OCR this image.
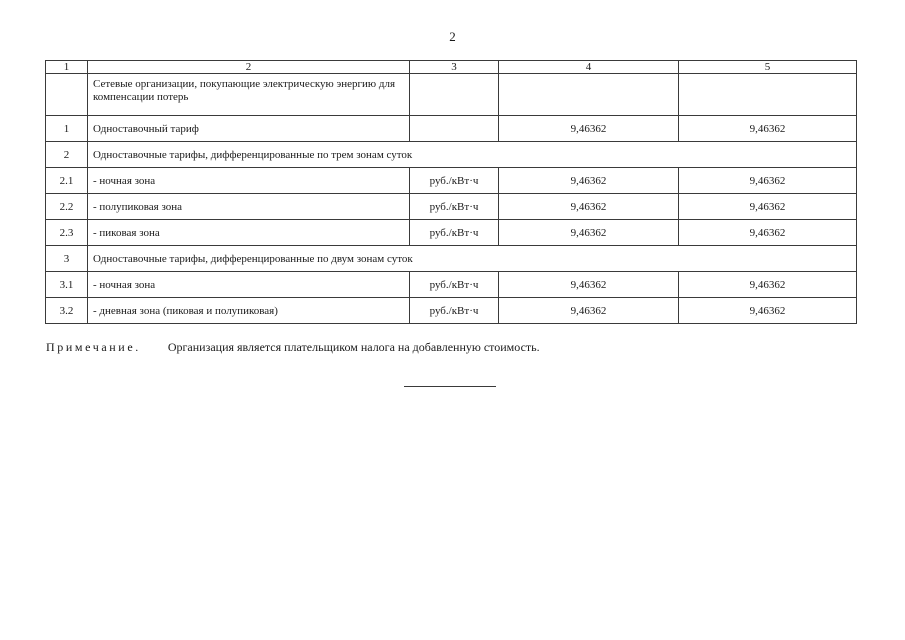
2
1	2	3	4	5
	Сетевые организации, покупающие электрическую энергию для компенсации потерь			
1	Одноставочный тариф		9,46362	9,46362
2	Одноставочные тарифы, дифференцированные по трем зонам суток			
2.1	- ночная зона	руб./кВт·ч	9,46362	9,46362
2.2	- полупиковая зона	руб./кВт·ч	9,46362	9,46362
2.3	- пиковая зона	руб./кВт·ч	9,46362	9,46362
3	Одноставочные тарифы, дифференцированные по двум зонам суток			
3.1	- ночная зона	руб./кВт·ч	9,46362	9,46362
3.2	- дневная зона (пиковая и полупиковая)	руб./кВт·ч	9,46362	9,46362
Примечание. Организация является плательщиком налога на добавленную стоимость.
